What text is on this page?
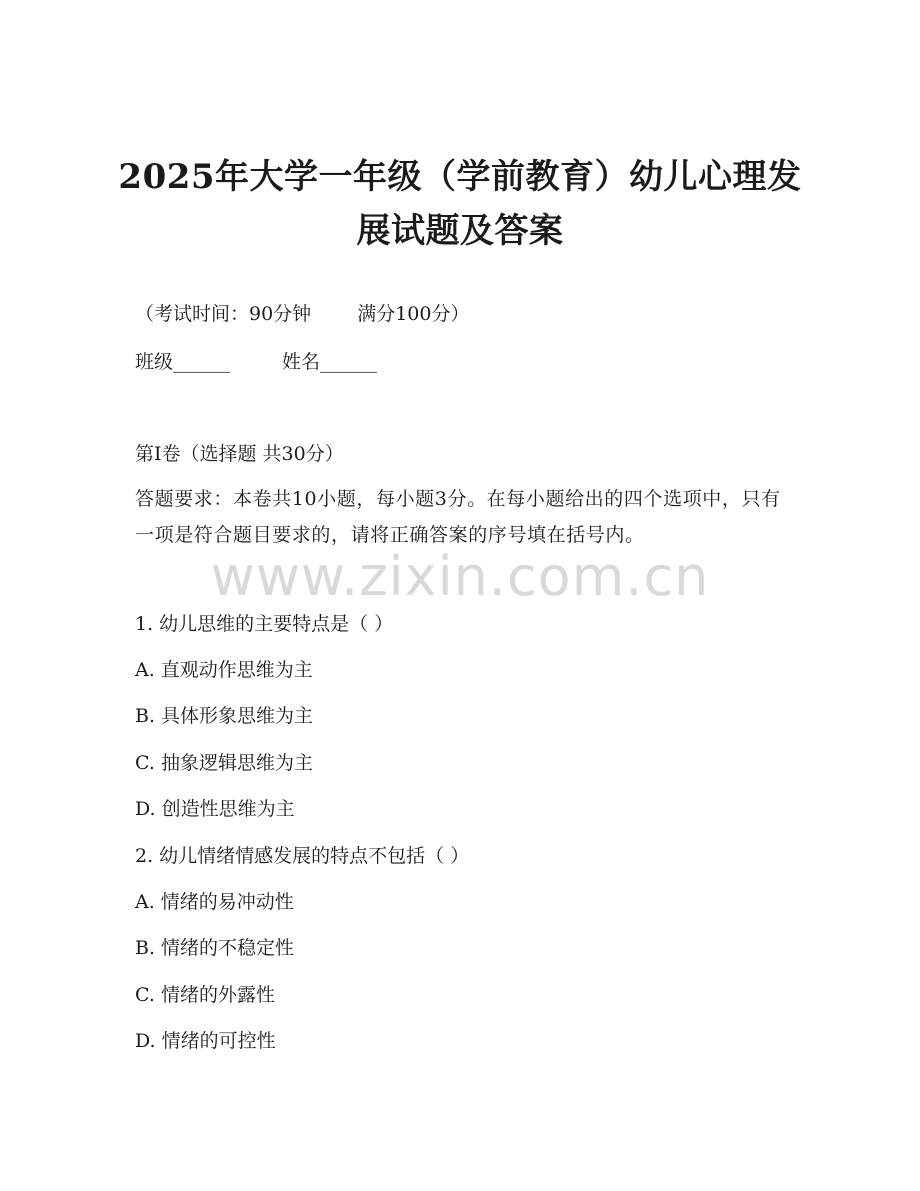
2025年大学一年级（学前教育）幼儿心理发
展试题及答案
（考试时间：90分钟 满分100分）
班级______	姓名______
第I卷（选择题 共30分）
答题要求：本卷共10小题，每小题3分。在每小题给出的四个选项中，只有一项是符合题目要求的，请将正确答案的序号填在括号内。
www.zixin.com.cn
1. 幼儿思维的主要特点是（ ）
A. 直观动作思维为主
B. 具体形象思维为主
C. 抽象逻辑思维为主
D. 创造性思维为主
2. 幼儿情绪情感发展的特点不包括（ ）
A. 情绪的易冲动性
B. 情绪的不稳定性
C. 情绪的外露性
D. 情绪的可控性
